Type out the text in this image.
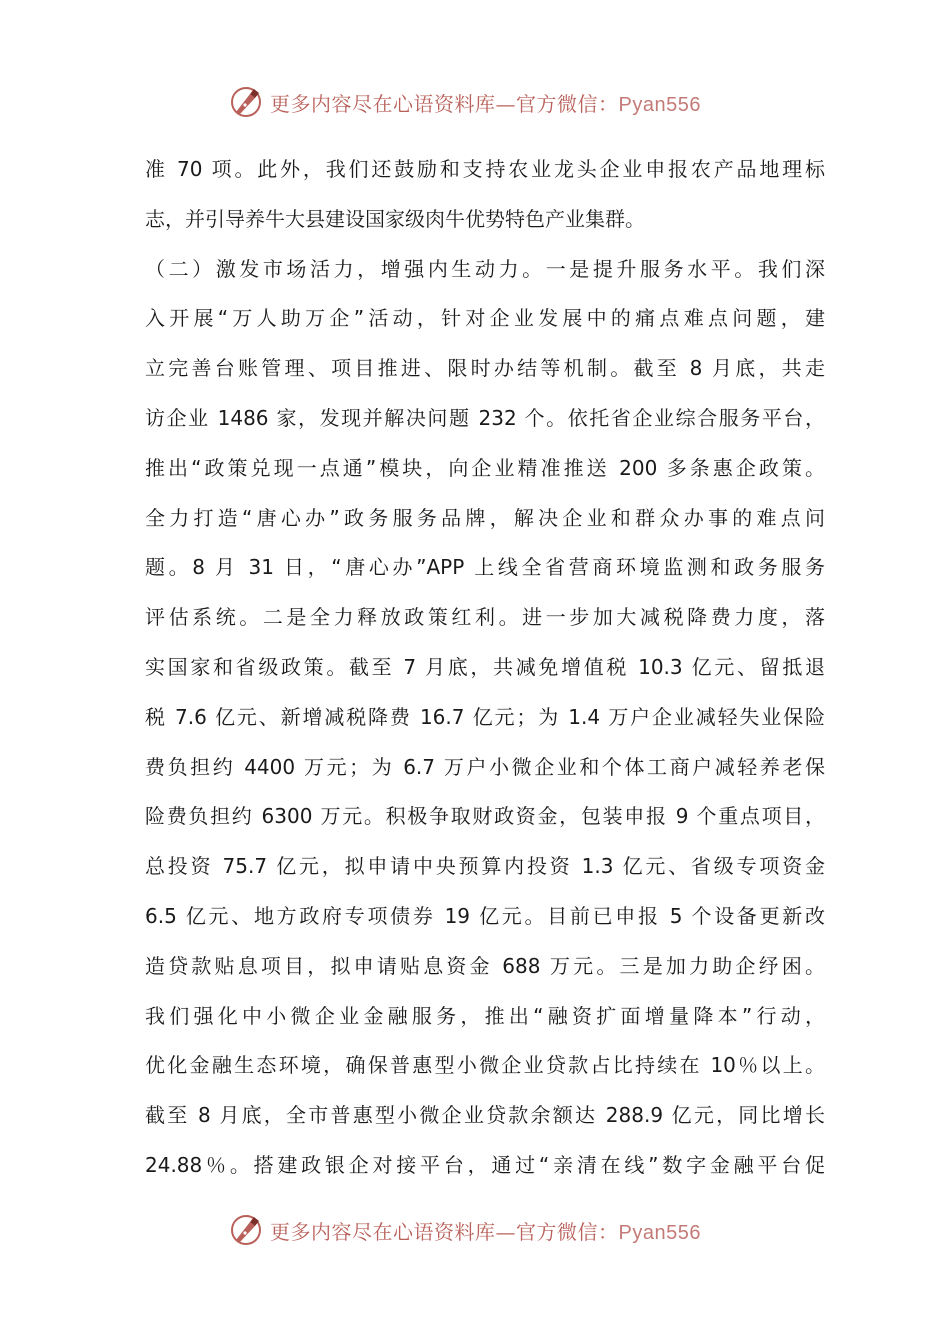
更多内容尽在心语资料库—官方微信：Pyan556
准 70 项。此外，我们还鼓励和支持农业龙头企业申报农产品地理标
志，并引导养牛大县建设国家级肉牛优势特色产业集群。
（二）激发市场活力，增强内生动力。一是提升服务水平。我们深
入开展“万人助万企”活动，针对企业发展中的痛点难点问题，建
立完善台账管理、项目推进、限时办结等机制。截至 8 月底，共走
访企业 1486 家，发现并解决问题 232 个。依托省企业综合服务平台，
推出“政策兑现一点通”模块，向企业精准推送 200 多条惠企政策。
全力打造“唐心办”政务服务品牌，解决企业和群众办事的难点问
题。8 月 31 日，“唐心办”APP 上线全省营商环境监测和政务服务
评估系统。二是全力释放政策红利。进一步加大减税降费力度，落
实国家和省级政策。截至 7 月底，共减免增值税 10.3 亿元、留抵退
税 7.6 亿元、新增减税降费 16.7 亿元；为 1.4 万户企业减轻失业保险
费负担约 4400 万元；为 6.7 万户小微企业和个体工商户减轻养老保
险费负担约 6300 万元。积极争取财政资金，包装申报 9 个重点项目，
总投资 75.7 亿元，拟申请中央预算内投资 1.3 亿元、省级专项资金
6.5 亿元、地方政府专项债券 19 亿元。目前已申报 5 个设备更新改
造贷款贴息项目，拟申请贴息资金 688 万元。三是加力助企纾困。
我们强化中小微企业金融服务，推出“融资扩面增量降本”行动，
优化金融生态环境，确保普惠型小微企业贷款占比持续在 10％以上。
截至 8 月底，全市普惠型小微企业贷款余额达 288.9 亿元，同比增长
24.88％。搭建政银企对接平台，通过“亲清在线”数字金融平台促
更多内容尽在心语资料库—官方微信：Pyan556
